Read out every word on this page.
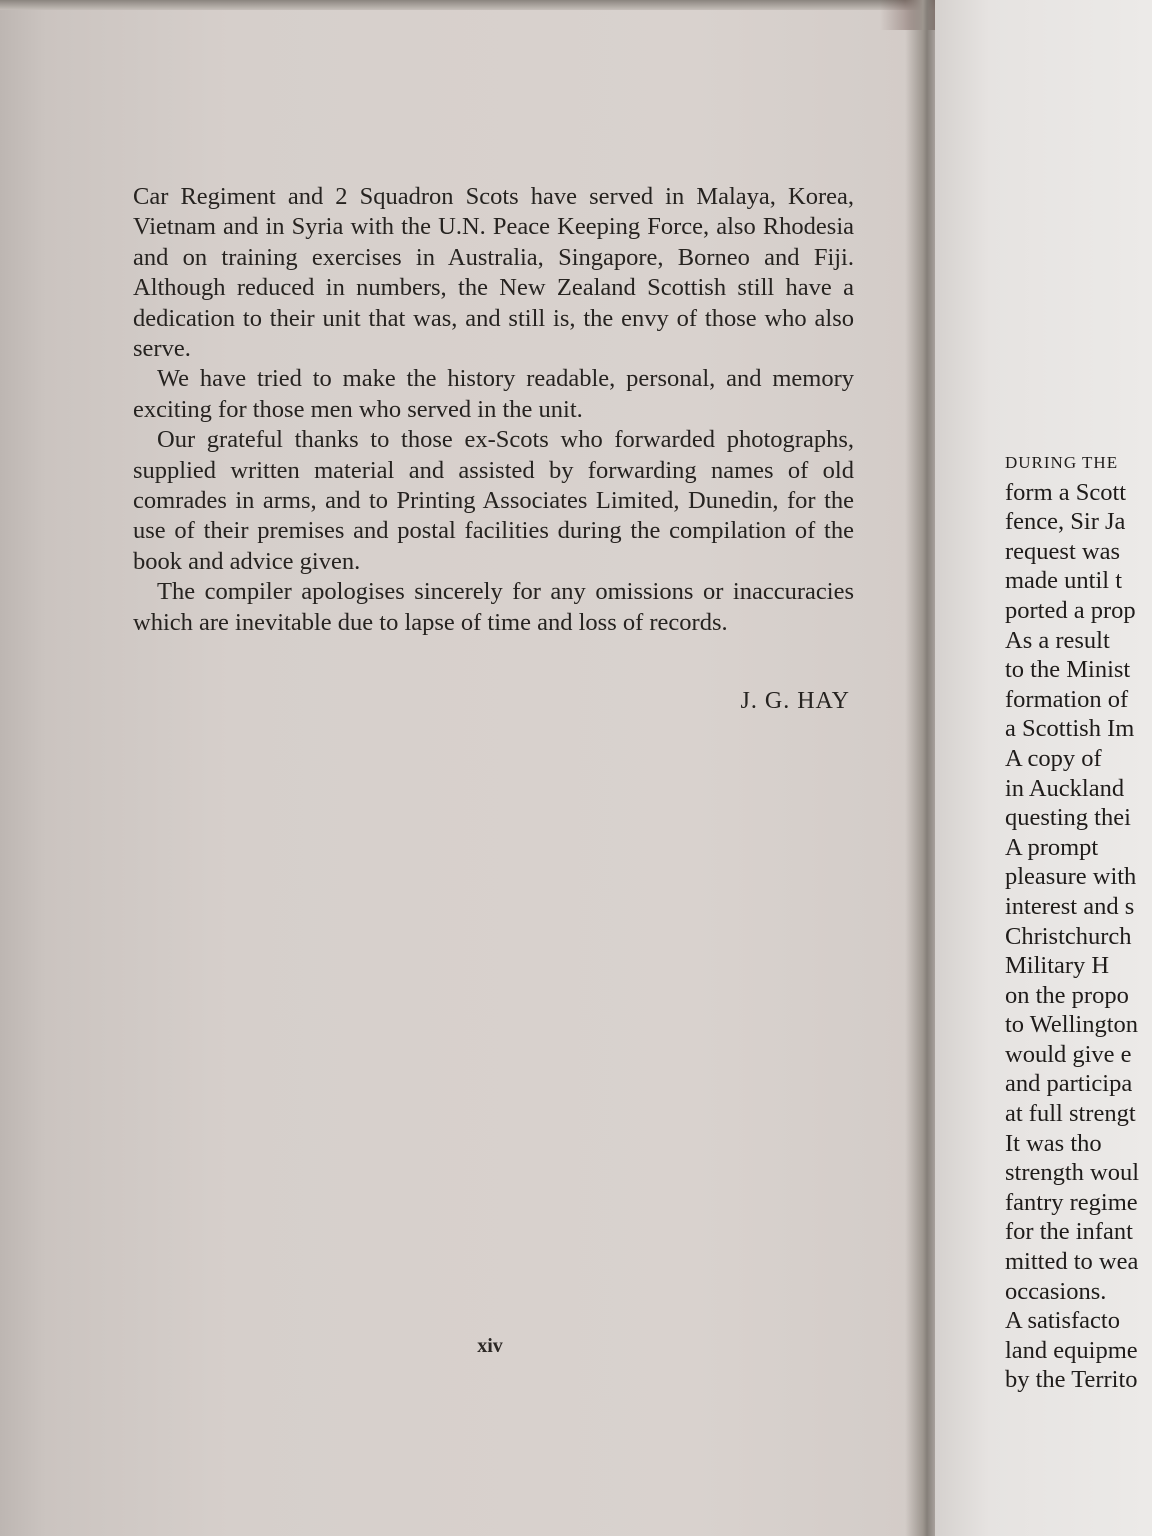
Car Regiment and 2 Squadron Scots have served in Malaya, Korea, Vietnam and in Syria with the U.N. Peace Keeping Force, also Rhodesia and on training exercises in Australia, Singapore, Borneo and Fiji. Although reduced in numbers, the New Zealand Scottish still have a dedication to their unit that was, and still is, the envy of those who also serve.

We have tried to make the history readable, personal, and memory exciting for those men who served in the unit.

Our grateful thanks to those ex-Scots who forwarded photographs, supplied written material and assisted by forwarding names of old comrades in arms, and to Printing Associates Limited, Dunedin, for the use of their premises and postal facilities during the compilation of the book and advice given.

The compiler apologises sincerely for any omissions or inaccuracies which are inevitable due to lapse of time and loss of records.

J. G. HAY
xiv
DURING THE
form a Scott
fence, Sir Ja
request was
made until t
ported a prop
As a result
to the Minist
formation of
a Scottish Im
A copy of
in Auckland
questing thei
A prompt
pleasure with
interest and s
Christchurch
Military H
on the propo
to Wellington
would give e
and participa
at full strengt
It was tho
strength woul
fantry regime
for the infant
mitted to wea
occasions.
A satisfacto
land equipme
by the Territo
